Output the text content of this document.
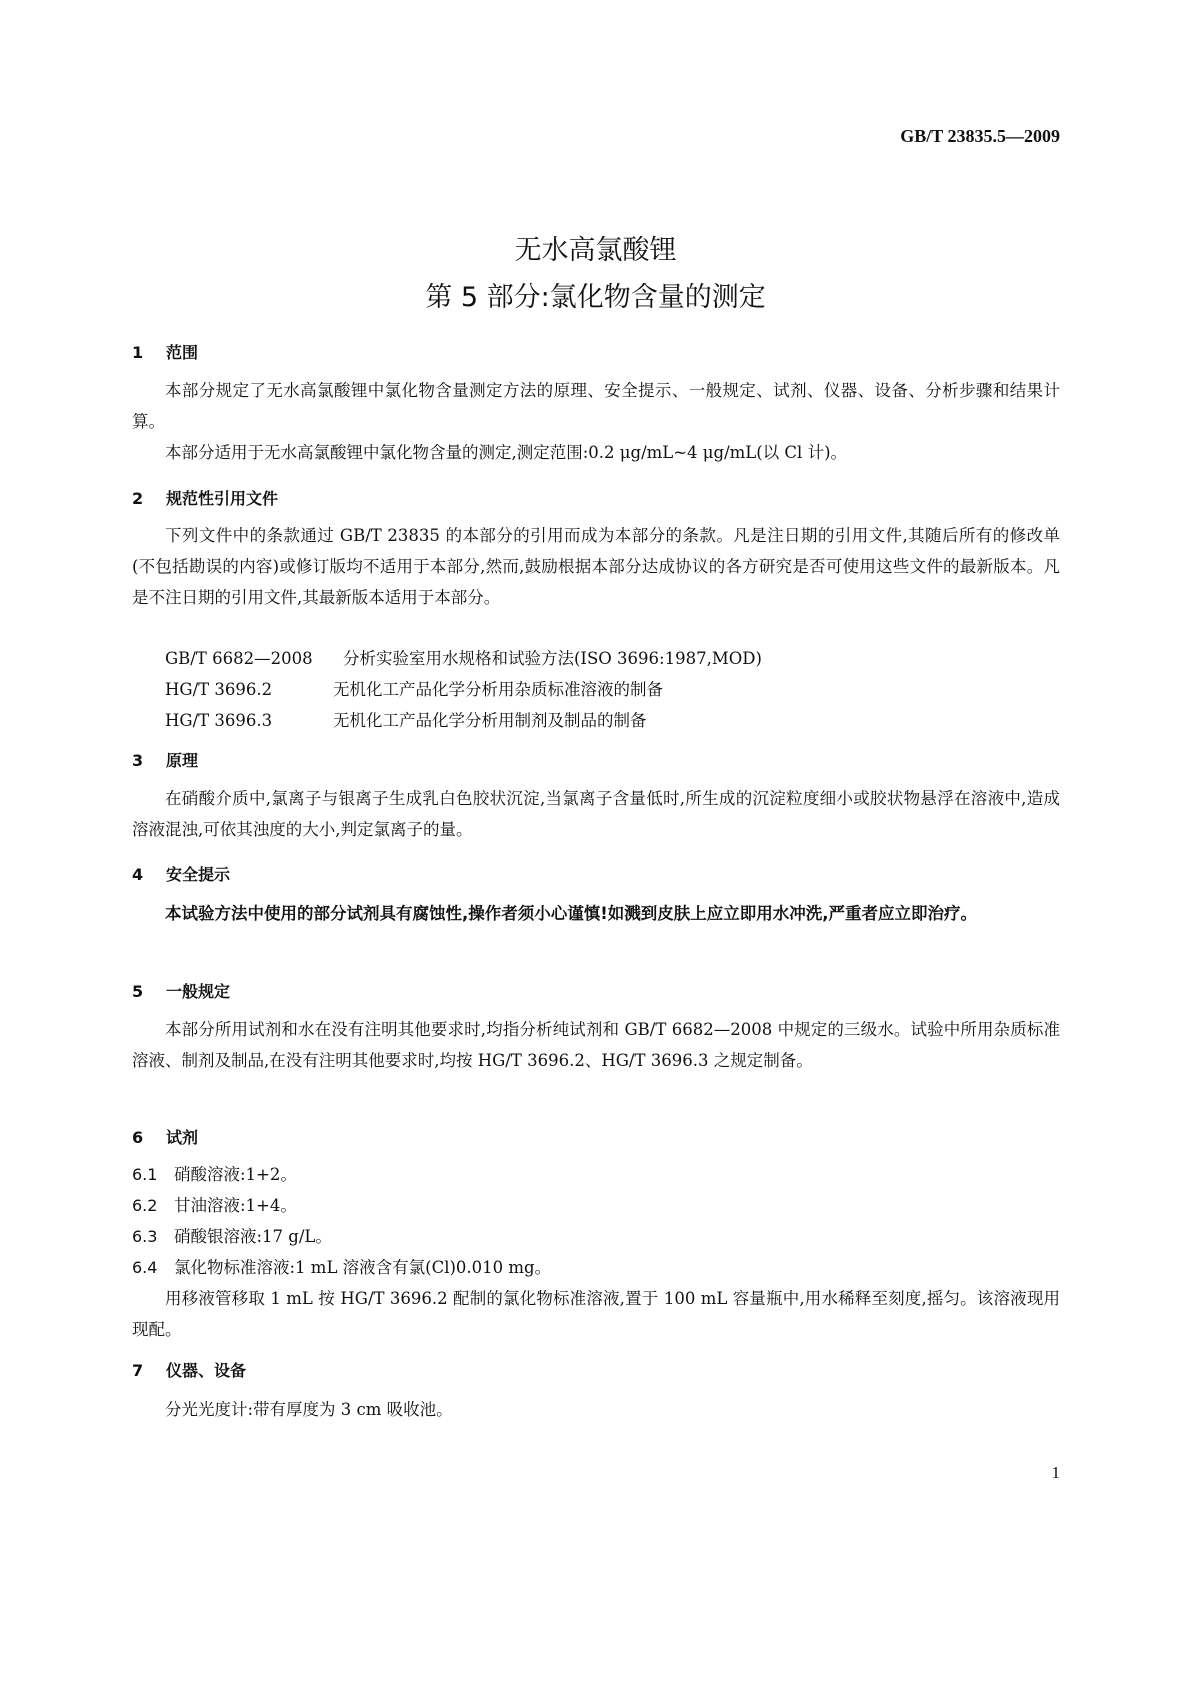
GB/T 23835.5—2009
无水高氯酸锂
第 5 部分:氯化物含量的测定
1 范围
本部分规定了无水高氯酸锂中氯化物含量测定方法的原理、安全提示、一般规定、试剂、仪器、设备、分析步骤和结果计算。
本部分适用于无水高氯酸锂中氯化物含量的测定,测定范围:0.2 μg/mL~4 μg/mL(以 Cl 计)。
2 规范性引用文件
下列文件中的条款通过 GB/T 23835 的本部分的引用而成为本部分的条款。凡是注日期的引用文件,其随后所有的修改单(不包括勘误的内容)或修订版均不适用于本部分,然而,鼓励根据本部分达成协议的各方研究是否可使用这些文件的最新版本。凡是不注日期的引用文件,其最新版本适用于本部分。
GB/T 6682—2008 分析实验室用水规格和试验方法(ISO 3696:1987,MOD)
HG/T 3696.2	无机化工产品化学分析用杂质标准溶液的制备
HG/T 3696.3	无机化工产品化学分析用制剂及制品的制备
3 原理
在硝酸介质中,氯离子与银离子生成乳白色胶状沉淀,当氯离子含量低时,所生成的沉淀粒度细小或胶状物悬浮在溶液中,造成溶液混浊,可依其浊度的大小,判定氯离子的量。
4 安全提示
本试验方法中使用的部分试剂具有腐蚀性,操作者须小心谨慎!如溅到皮肤上应立即用水冲洗,严重者应立即治疗。
5 一般规定
本部分所用试剂和水在没有注明其他要求时,均指分析纯试剂和 GB/T 6682—2008 中规定的三级水。试验中所用杂质标准溶液、制剂及制品,在没有注明其他要求时,均按 HG/T 3696.2、HG/T 3696.3 之规定制备。
6 试剂
6.1 硝酸溶液:1+2。
6.2 甘油溶液:1+4。
6.3 硝酸银溶液:17 g/L。
6.4 氯化物标准溶液:1 mL 溶液含有氯(Cl)0.010 mg。
用移液管移取 1 mL 按 HG/T 3696.2 配制的氯化物标准溶液,置于 100 mL 容量瓶中,用水稀释至刻度,摇匀。该溶液现用现配。
7 仪器、设备
分光光度计:带有厚度为 3 cm 吸收池。
1
